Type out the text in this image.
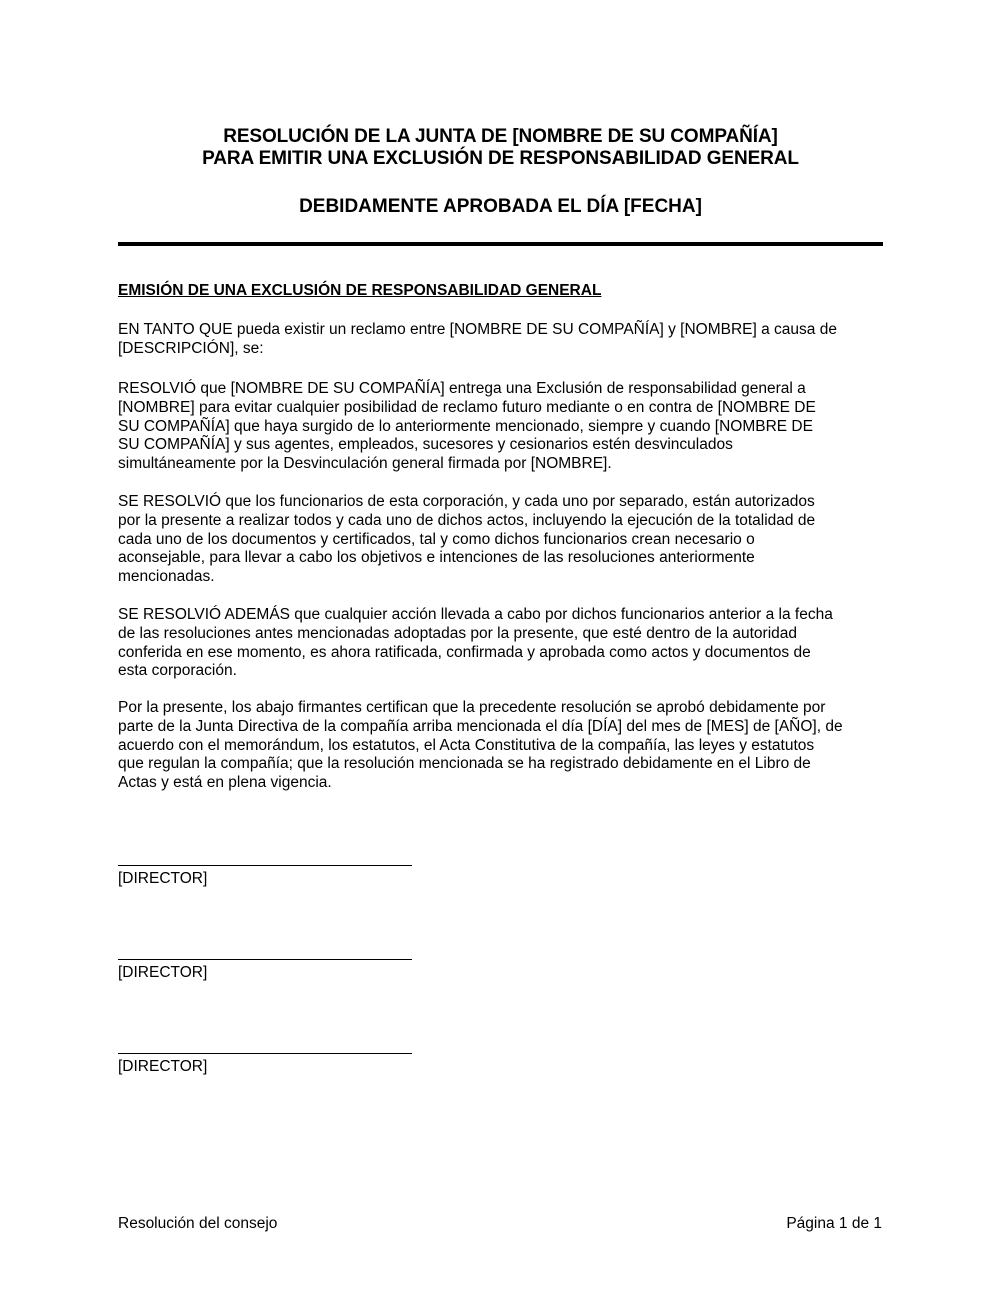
RESOLUCIÓN DE LA JUNTA DE [NOMBRE DE SU COMPAÑÍA]
PARA EMITIR UNA EXCLUSIÓN DE RESPONSABILIDAD GENERAL
DEBIDAMENTE APROBADA EL DÍA [FECHA]
EMISIÓN DE UNA EXCLUSIÓN DE RESPONSABILIDAD GENERAL
EN TANTO QUE pueda existir un reclamo entre [NOMBRE DE SU COMPAÑÍA] y [NOMBRE] a causa de
[DESCRIPCIÓN], se:
RESOLVIÓ que [NOMBRE DE SU COMPAÑÍA] entrega una Exclusión de responsabilidad general a
[NOMBRE] para evitar cualquier posibilidad de reclamo futuro mediante o en contra de [NOMBRE DE
SU COMPAÑÍA] que haya surgido de lo anteriormente mencionado, siempre y cuando [NOMBRE DE
SU COMPAÑÍA] y sus agentes, empleados, sucesores y cesionarios estén desvinculados
simultáneamente por la Desvinculación general firmada por [NOMBRE].
SE RESOLVIÓ que los funcionarios de esta corporación, y cada uno por separado, están autorizados
por la presente a realizar todos y cada uno de dichos actos, incluyendo la ejecución de la totalidad de
cada uno de los documentos y certificados, tal y como dichos funcionarios crean necesario o
aconsejable, para llevar a cabo los objetivos e intenciones de las resoluciones anteriormente
mencionadas.
SE RESOLVIÓ ADEMÁS que cualquier acción llevada a cabo por dichos funcionarios anterior a la fecha
de las resoluciones antes mencionadas adoptadas por la presente, que esté dentro de la autoridad
conferida en ese momento, es ahora ratificada, confirmada y aprobada como actos y documentos de
esta corporación.
Por la presente, los abajo firmantes certifican que la precedente resolución se aprobó debidamente por
parte de la Junta Directiva de la compañía arriba mencionada el día [DÍA] del mes de [MES] de [AÑO], de
acuerdo con el memorándum, los estatutos, el Acta Constitutiva de la compañía, las leyes y estatutos
que regulan la compañía; que la resolución mencionada se ha registrado debidamente en el Libro de
Actas y está en plena vigencia.
[DIRECTOR]
[DIRECTOR]
[DIRECTOR]
Resolución del consejo	Página 1 de 1
